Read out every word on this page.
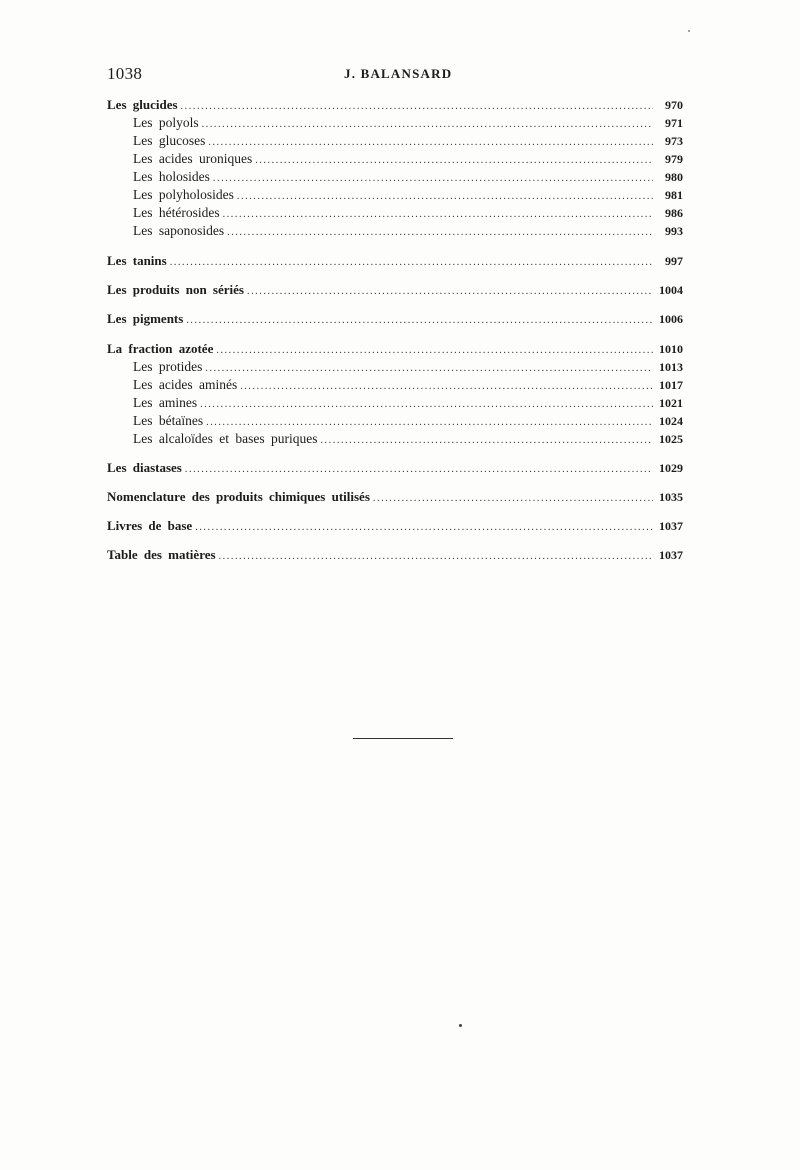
1038	J. BALANSARD
Les glucides .....	970
Les polyols .....	971
Les glucoses .....	973
Les acides uroniques .....	979
Les holosides .....	980
Les polyholosides .....	981
Les hétérosides .....	986
Les saponosides .....	993
Les tanins .....	997
Les produits non sériés .....	1004
Les pigments .....	1006
La fraction azotée .....	1010
Les protides .....	1013
Les acides aminés .....	1017
Les amines .....	1021
Les bétaïnes .....	1024
Les alcaloïdes et bases puriques .....	1025
Les diastases .....	1029
Nomenclature des produits chimiques utilisés .....	1035
Livres de base .....	1037
Table des matières .....	1037
